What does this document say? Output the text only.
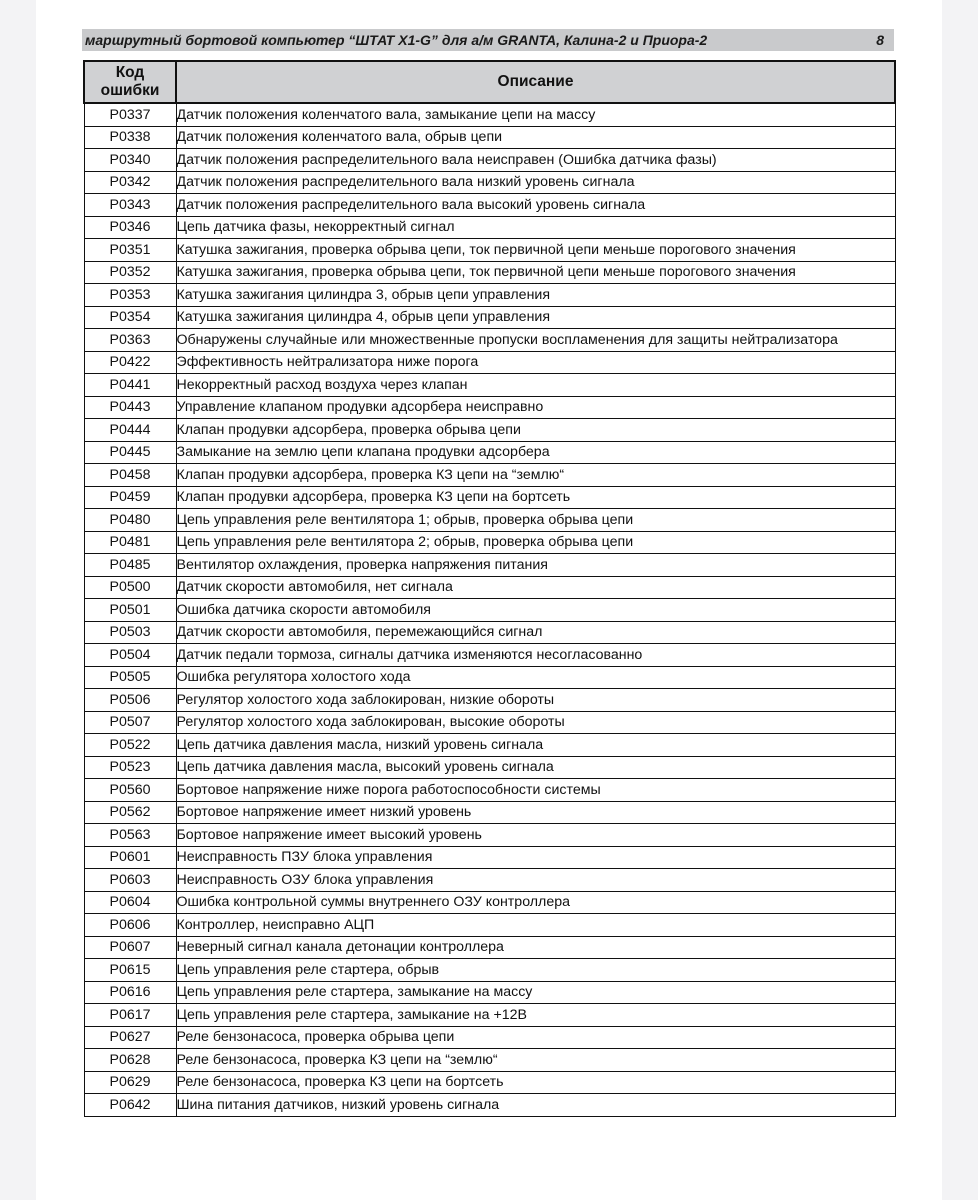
маршрутный бортовой компьютер “ШТАТ X1-G” для а/м GRANTA, Калина-2 и Приора-2	8
Код
ошибки	Описание
P0337	Датчик положения коленчатого вала, замыкание цепи на массу
P0338	Датчик положения коленчатого вала, обрыв цепи
P0340	Датчик положения распределительного вала неисправен (Ошибка датчика фазы)
P0342	Датчик положения распределительного вала низкий уровень сигнала
P0343	Датчик положения распределительного вала высокий уровень сигнала
P0346	Цепь датчика фазы, некорректный сигнал
P0351	Катушка зажигания, проверка обрыва цепи, ток первичной цепи меньше порогового значения
P0352	Катушка зажигания, проверка обрыва цепи, ток первичной цепи меньше порогового значения
P0353	Катушка зажигания цилиндра 3, обрыв цепи управления
P0354	Катушка зажигания цилиндра 4, обрыв цепи управления
P0363	Обнаружены случайные или множественные пропуски воспламенения для защиты нейтрализатора
P0422	Эффективность нейтрализатора ниже порога
P0441	Некорректный расход воздуха через клапан
P0443	Управление клапаном продувки адсорбера неисправно
P0444	Клапан продувки адсорбера, проверка обрыва цепи
P0445	Замыкание на землю цепи клапана продувки адсорбера
P0458	Клапан продувки адсорбера, проверка КЗ цепи на “землю“
P0459	Клапан продувки адсорбера, проверка КЗ цепи на бортсеть
P0480	Цепь управления реле вентилятора 1; обрыв, проверка обрыва цепи
P0481	Цепь управления реле вентилятора 2; обрыв, проверка обрыва цепи
P0485	Вентилятор охлаждения, проверка напряжения питания
P0500	Датчик скорости автомобиля, нет сигнала
P0501	Ошибка датчика скорости автомобиля
P0503	Датчик скорости автомобиля, перемежающийся сигнал
P0504	Датчик педали тормоза, сигналы датчика изменяются несогласованно
P0505	Ошибка регулятора холостого хода
P0506	Регулятор холостого хода заблокирован, низкие обороты
P0507	Регулятор холостого хода заблокирован, высокие обороты
P0522	Цепь датчика давления масла, низкий уровень сигнала
P0523	Цепь датчика давления масла, высокий уровень сигнала
P0560	Бортовое напряжение ниже порога работоспособности системы
P0562	Бортовое напряжение имеет низкий уровень
P0563	Бортовое напряжение имеет высокий уровень
P0601	Неисправность ПЗУ блока управления
P0603	Неисправность ОЗУ блока управления
P0604	Ошибка контрольной суммы внутреннего ОЗУ контроллера
P0606	Контроллер, неисправно АЦП
P0607	Неверный сигнал канала детонации контроллера
P0615	Цепь управления реле стартера, обрыв
P0616	Цепь управления реле стартера, замыкание на массу
P0617	Цепь управления реле стартера, замыкание на +12В
P0627	Реле бензонасоса, проверка обрыва цепи
P0628	Реле бензонасоса, проверка КЗ цепи на “землю“
P0629	Реле бензонасоса, проверка КЗ цепи на бортсеть
P0642	Шина питания датчиков, низкий уровень сигнала
